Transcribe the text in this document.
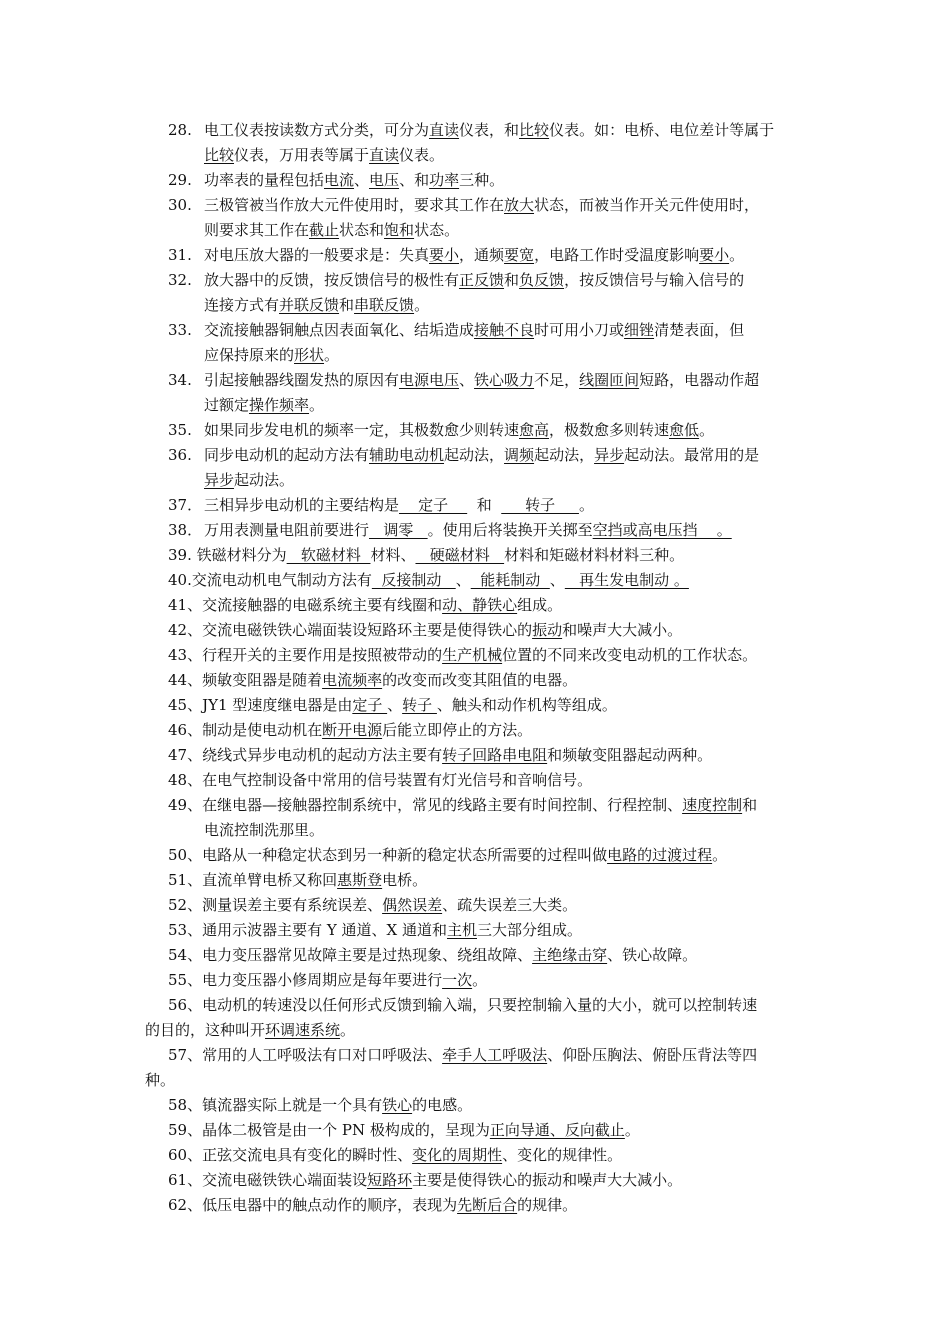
28. 电工仪表按读数方式分类，可分为直读仪表，和比较仪表。如：电桥、电位差计等属于
比较仪表，万用表等属于直读仪表。
29. 功率表的量程包括电流、电压、和功率三种。
30. 三极管被当作放大元件使用时，要求其工作在放大状态，而被当作开关元件使用时，
则要求其工作在截止状态和饱和状态。
31. 对电压放大器的一般要求是：失真要小，通频要宽，电路工作时受温度影响要小。
32. 放大器中的反馈，按反馈信号的极性有正反馈和负反馈，按反馈信号与输入信号的
连接方式有并联反馈和串联反馈。
33. 交流接触器铜触点因表面氧化、结垢造成接触不良时可用小刀或细锉清楚表面，但
应保持原来的形状。
34. 引起接触器线圈发热的原因有电源电压、铁心吸力不足，线圈匝间短路，电器动作超
过额定操作频率。
35. 如果同步发电机的频率一定，其极数愈少则转速愈高，极数愈多则转速愈低。
36. 同步电动机的起动方法有辅助电动机起动法，调频起动法，异步起动法。最常用的是
异步起动法。
37． 三相异步电动机的主要结构是    定子      和       转子     。
38． 万用表测量电阻前要进行   调零   。使用后将装换开关掷至空挡或高电压挡    。
39. 铁磁材料分为   软磁材料  材料、   硬磁材料   材料和矩磁材料材料三种。
40.交流电动机电气制动方法有  反接制动   、  能耗制动  、   再生发电制动 。
41、交流接触器的电磁系统主要有线圈和动、静铁心组成。
42、交流电磁铁铁心端面装设短路环主要是使得铁心的振动和噪声大大减小。
43、行程开关的主要作用是按照被带动的生产机械位置的不同来改变电动机的工作状态。
44、频敏变阻器是随着电流频率的改变而改变其阻值的电器。
45、JY1 型速度继电器是由定子 、转子 、触头和动作机构等组成。
46、制动是使电动机在断开电源后能立即停止的方法。
47、绕线式异步电动机的起动方法主要有转子回路串电阻和频敏变阻器起动两种。
48、在电气控制设备中常用的信号装置有灯光信号和音响信号。
49、在继电器—接触器控制系统中，常见的线路主要有时间控制、行程控制、速度控制和
电流控制洗那里。
50、电路从一种稳定状态到另一种新的稳定状态所需要的过程叫做电路的过渡过程。
51、直流单臂电桥又称回惠斯登电桥。
52、测量误差主要有系统误差、偶然误差、疏失误差三大类。
53、通用示波器主要有 Y 通道、X 通道和主机三大部分组成。
54、电力变压器常见故障主要是过热现象、绕组故障、主绝缘击穿、铁心故障。
55、电力变压器小修周期应是每年要进行一次。
56、电动机的转速没以任何形式反馈到输入端，只要控制输入量的大小，就可以控制转速
的目的，这种叫开环调速系统。
57、常用的人工呼吸法有口对口呼吸法、牵手人工呼吸法、仰卧压胸法、俯卧压背法等四
种。
58、镇流器实际上就是一个具有铁心的电感。
59、晶体二极管是由一个 PN 极构成的，呈现为正向导通、反向截止。
60、正弦交流电具有变化的瞬时性、变化的周期性、变化的规律性。
61、交流电磁铁铁心端面装设短路环主要是使得铁心的振动和噪声大大减小。
62、低压电器中的触点动作的顺序，表现为先断后合的规律。
